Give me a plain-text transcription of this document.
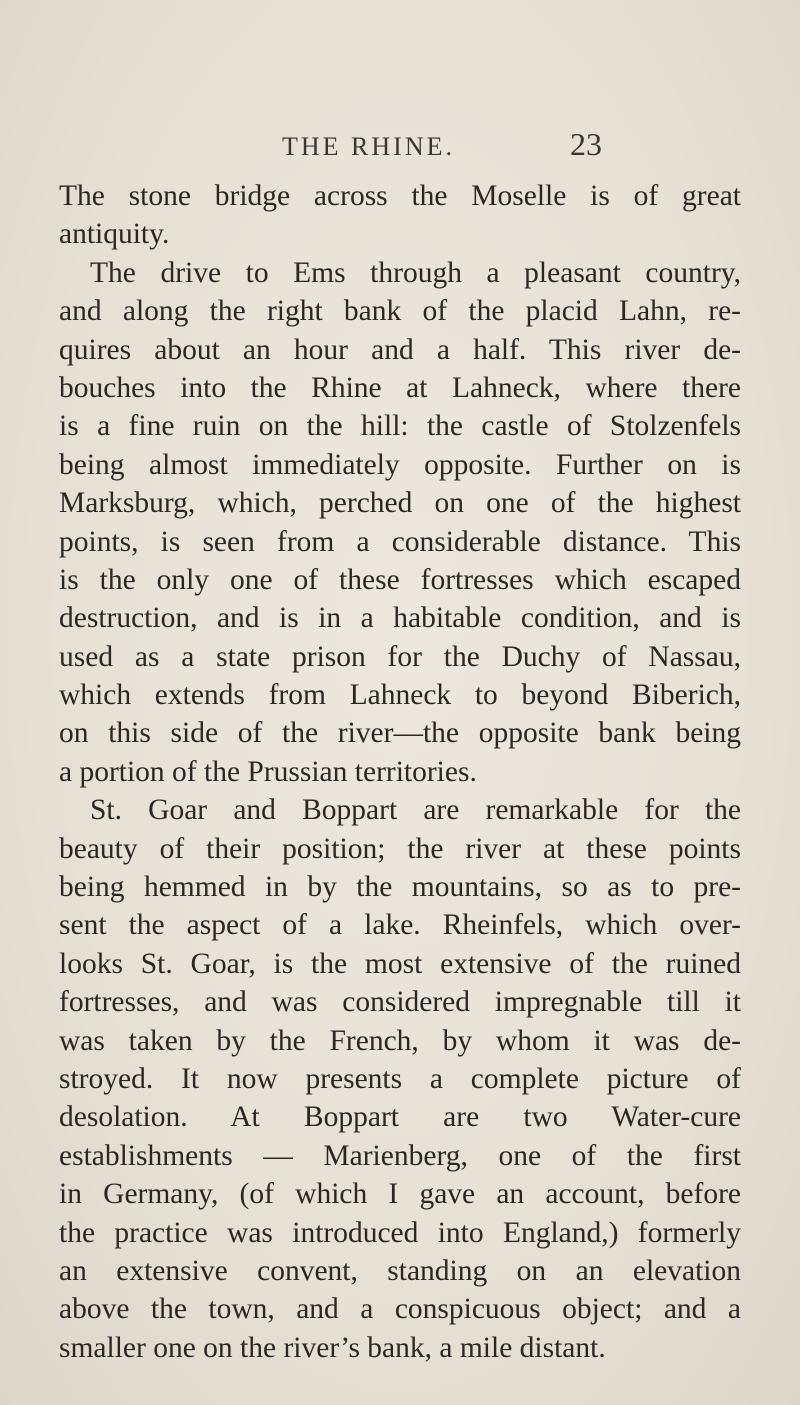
THE RHINE.	23
The stone bridge across the Moselle is of great
antiquity.
The drive to Ems through a pleasant country,
and along the right bank of the placid Lahn, re-
quires about an hour and a half. This river de-
bouches into the Rhine at Lahneck, where there
is a fine ruin on the hill: the castle of Stolzenfels
being almost immediately opposite. Further on is
Marksburg, which, perched on one of the highest
points, is seen from a considerable distance. This
is the only one of these fortresses which escaped
destruction, and is in a habitable condition, and is
used as a state prison for the Duchy of Nassau,
which extends from Lahneck to beyond Biberich,
on this side of the river—the opposite bank being
a portion of the Prussian territories.
St. Goar and Boppart are remarkable for the
beauty of their position; the river at these points
being hemmed in by the mountains, so as to pre-
sent the aspect of a lake. Rheinfels, which over-
looks St. Goar, is the most extensive of the ruined
fortresses, and was considered impregnable till it
was taken by the French, by whom it was de-
stroyed. It now presents a complete picture of
desolation. At Boppart are two Water-cure
establishments — Marienberg, one of the first
in Germany, (of which I gave an account, before
the practice was introduced into England,) formerly
an extensive convent, standing on an elevation
above the town, and a conspicuous object; and a
smaller one on the river’s bank, a mile distant.
